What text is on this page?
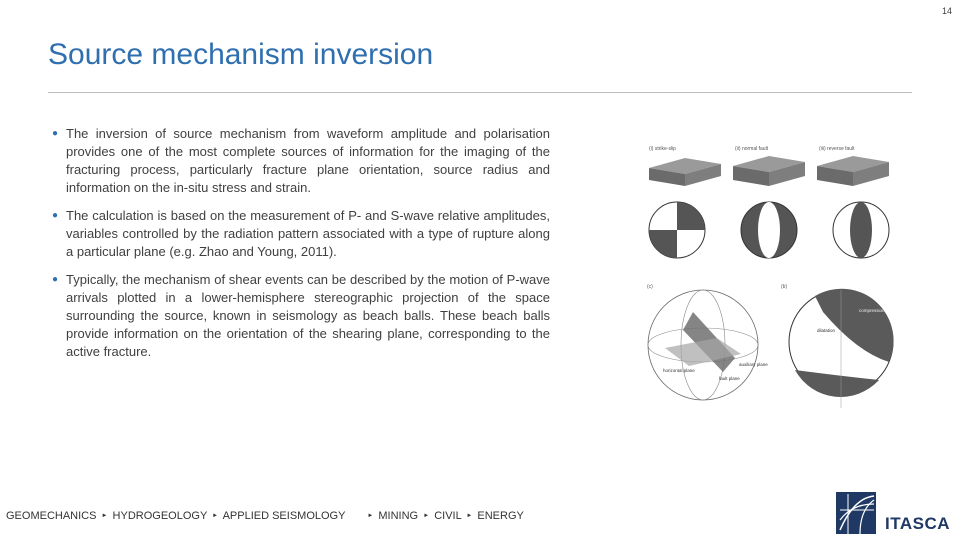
14
Source mechanism inversion
● The inversion of source mechanism from waveform amplitude and polarisation provides one of the most complete sources of information for the imaging of the fracturing process, particularly fracture plane orientation, source radius and information on the in-situ stress and strain.
● The calculation is based on the measurement of P- and S-wave relative amplitudes, variables controlled by the radiation pattern associated with a type of rupture along a particular plane (e.g. Zhao and Young, 2011).
● Typically, the mechanism of shear events can be described by the motion of P-wave arrivals plotted in a lower-hemisphere stereographic projection of the space surrounding the source, known in seismology as beach balls. These beach balls provide information on the orientation of the shearing plane, corresponding to the active fracture.
(i) strike-slip	(ii) normal fault	(iii) reverse fault
(c)
horizontal plane
fault plane
auxiliary plane
(b)
dilatation
compression
GEOMECHANICS ► HYDROGEOLOGY ► APPLIED SEISMOLOGY	► MINING ► CIVIL ► ENERGY	ITASCA
